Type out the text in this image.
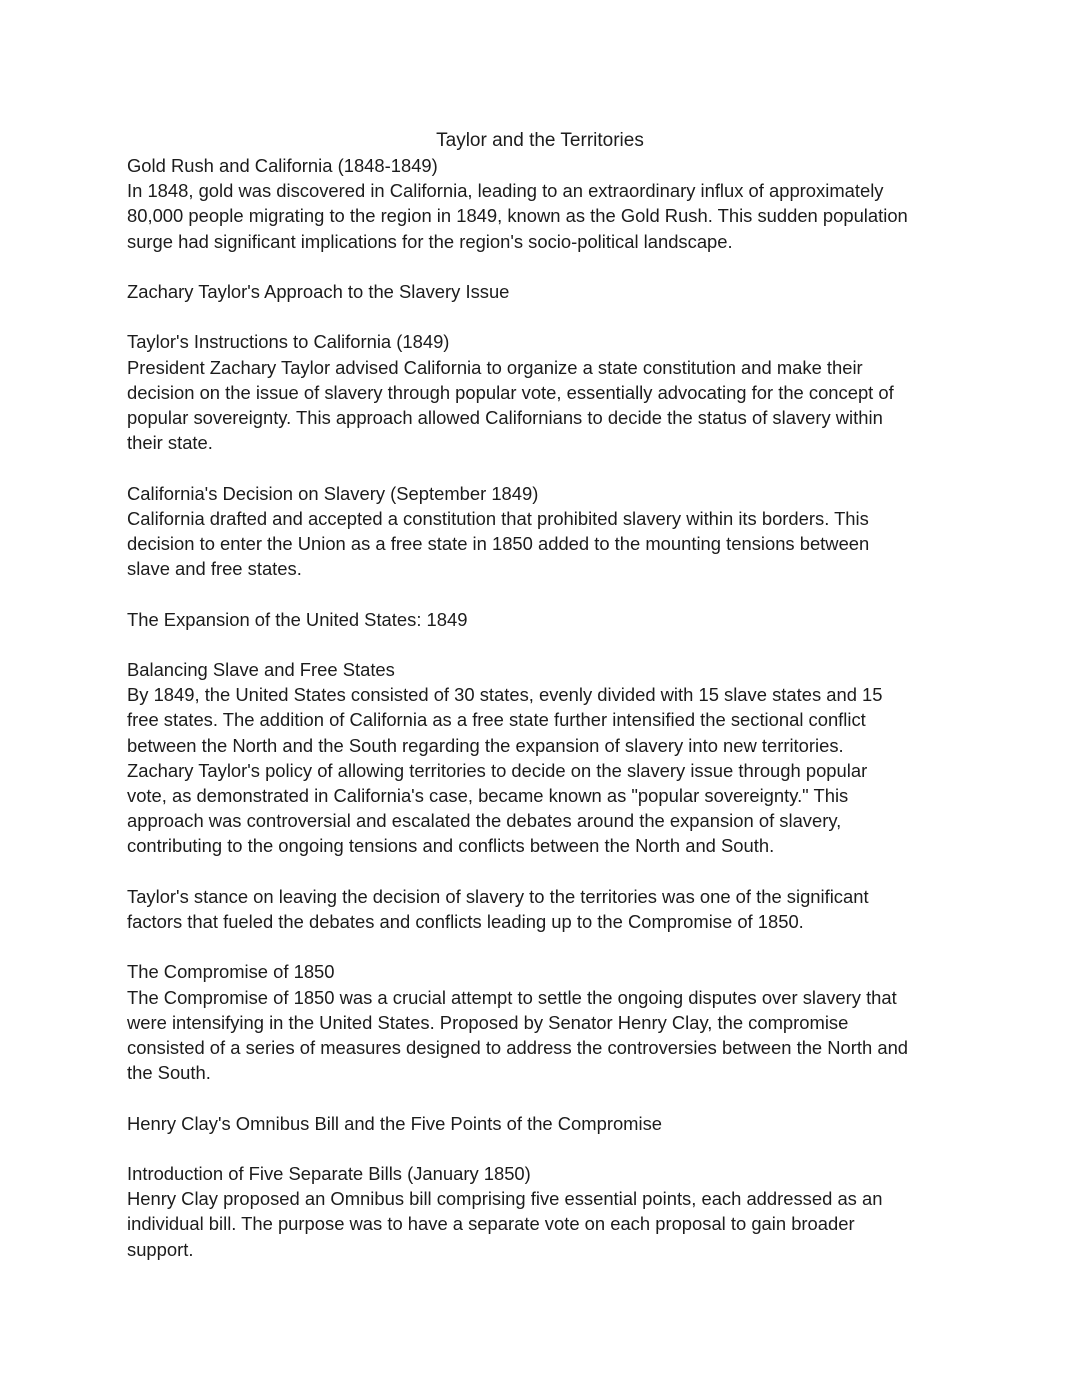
Taylor and the Territories

Gold Rush and California (1848-1849)

In 1848, gold was discovered in California, leading to an extraordinary influx of approximately

80,000 people migrating to the region in 1849, known as the Gold Rush. This sudden population

surge had significant implications for the region's socio-political landscape.

Zachary Taylor's Approach to the Slavery Issue

Taylor's Instructions to California (1849)

President Zachary Taylor advised California to organize a state constitution and make their

decision on the issue of slavery through popular vote, essentially advocating for the concept of

popular sovereignty. This approach allowed Californians to decide the status of slavery within

their state.

California's Decision on Slavery (September 1849)

California drafted and accepted a constitution that prohibited slavery within its borders. This

decision to enter the Union as a free state in 1850 added to the mounting tensions between

slave and free states.

The Expansion of the United States: 1849

Balancing Slave and Free States

By 1849, the United States consisted of 30 states, evenly divided with 15 slave states and 15

free states. The addition of California as a free state further intensified the sectional conflict

between the North and the South regarding the expansion of slavery into new territories.

Zachary Taylor's policy of allowing territories to decide on the slavery issue through popular

vote, as demonstrated in California's case, became known as "popular sovereignty." This

approach was controversial and escalated the debates around the expansion of slavery,

contributing to the ongoing tensions and conflicts between the North and South.

Taylor's stance on leaving the decision of slavery to the territories was one of the significant

factors that fueled the debates and conflicts leading up to the Compromise of 1850.

The Compromise of 1850

The Compromise of 1850 was a crucial attempt to settle the ongoing disputes over slavery that

were intensifying in the United States. Proposed by Senator Henry Clay, the compromise

consisted of a series of measures designed to address the controversies between the North and

the South.

Henry Clay's Omnibus Bill and the Five Points of the Compromise

Introduction of Five Separate Bills (January 1850)

Henry Clay proposed an Omnibus bill comprising five essential points, each addressed as an

individual bill. The purpose was to have a separate vote on each proposal to gain broader

support.
